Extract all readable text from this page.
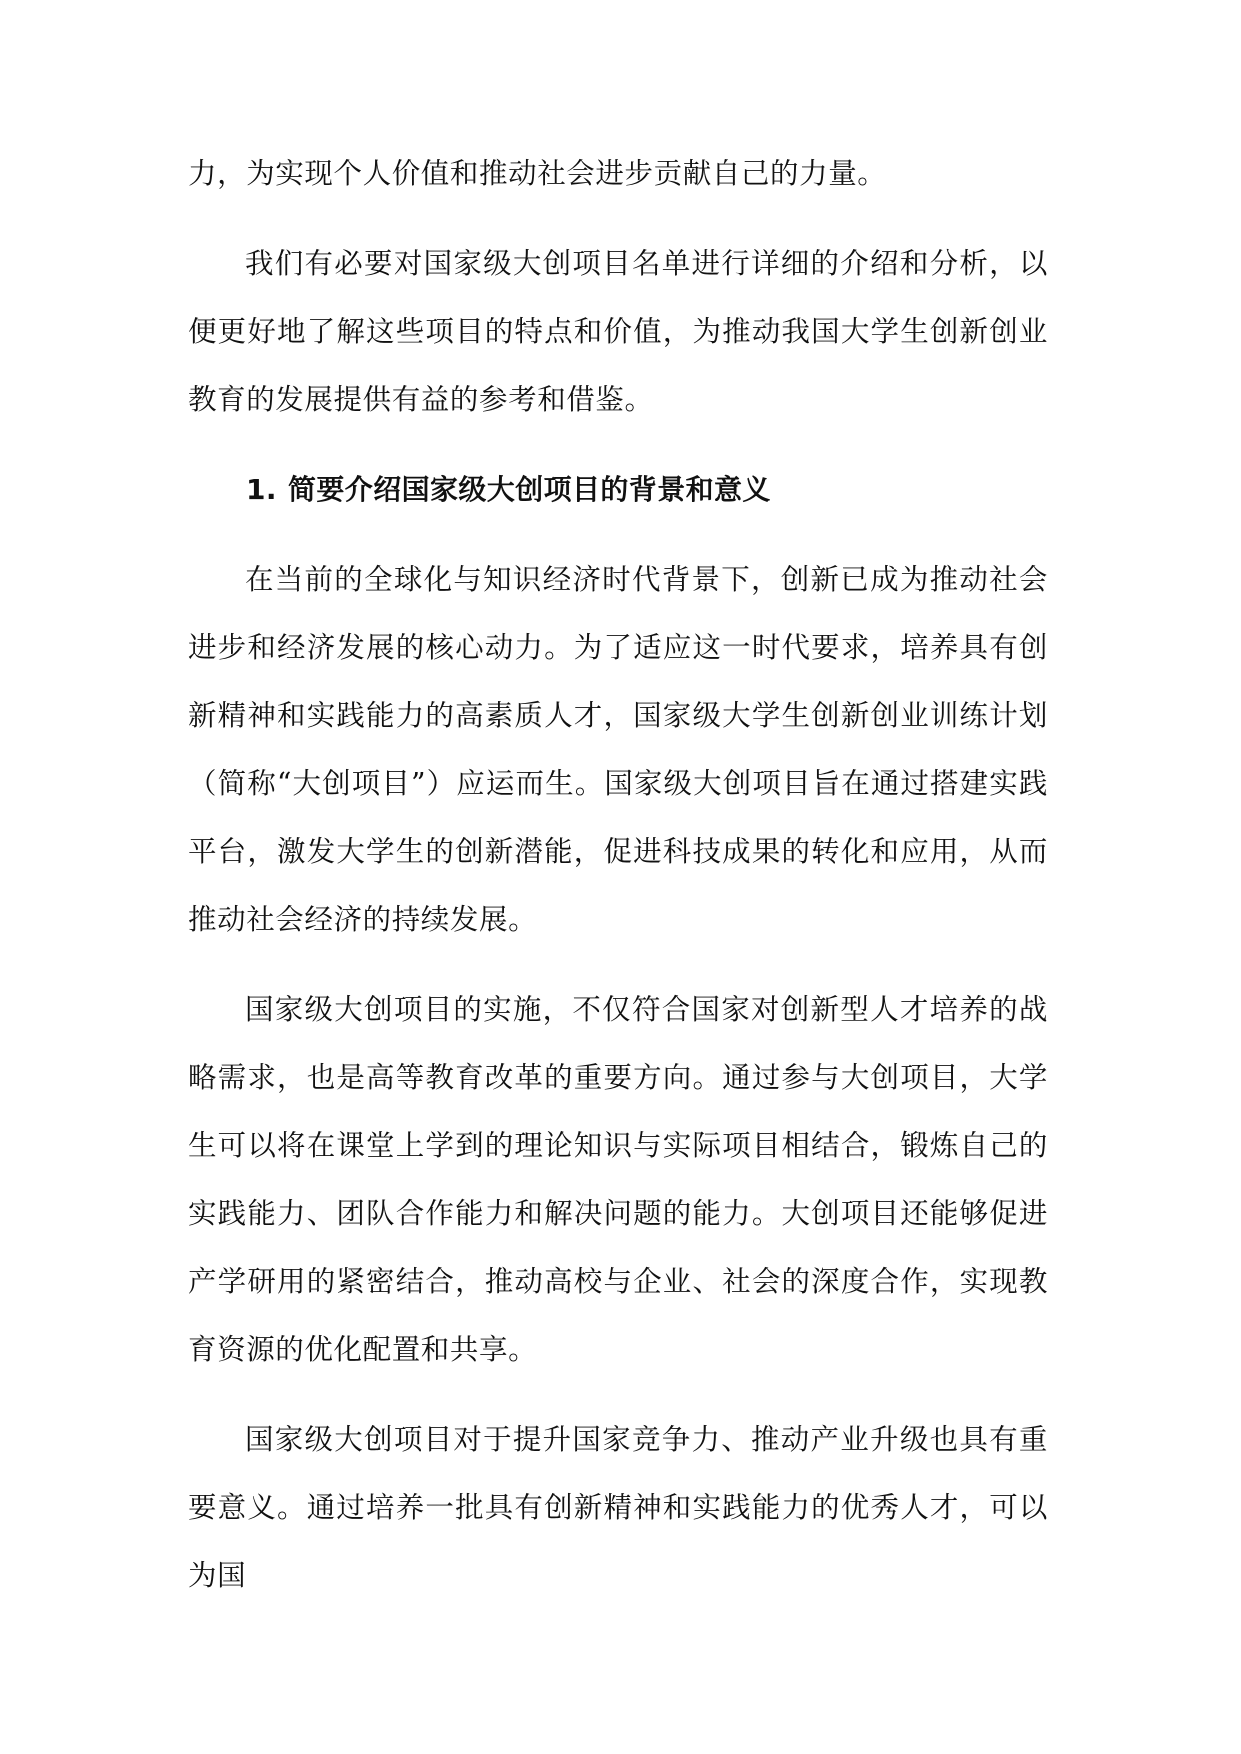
力，为实现个人价值和推动社会进步贡献自己的力量。

我们有必要对国家级大创项目名单进行详细的介绍和分析，以便更好地了解这些项目的特点和价值，为推动我国大学生创新创业教育的发展提供有益的参考和借鉴。

1. 简要介绍国家级大创项目的背景和意义

在当前的全球化与知识经济时代背景下，创新已成为推动社会进步和经济发展的核心动力。为了适应这一时代要求，培养具有创新精神和实践能力的高素质人才，国家级大学生创新创业训练计划（简称“大创项目”）应运而生。国家级大创项目旨在通过搭建实践平台，激发大学生的创新潜能，促进科技成果的转化和应用，从而推动社会经济的持续发展。

国家级大创项目的实施，不仅符合国家对创新型人才培养的战略需求，也是高等教育改革的重要方向。通过参与大创项目，大学生可以将在课堂上学到的理论知识与实际项目相结合，锻炼自己的实践能力、团队合作能力和解决问题的能力。大创项目还能够促进产学研用的紧密结合，推动高校与企业、社会的深度合作，实现教育资源的优化配置和共享。

国家级大创项目对于提升国家竞争力、推动产业升级也具有重要意义。通过培养一批具有创新精神和实践能力的优秀人才，可以为国
